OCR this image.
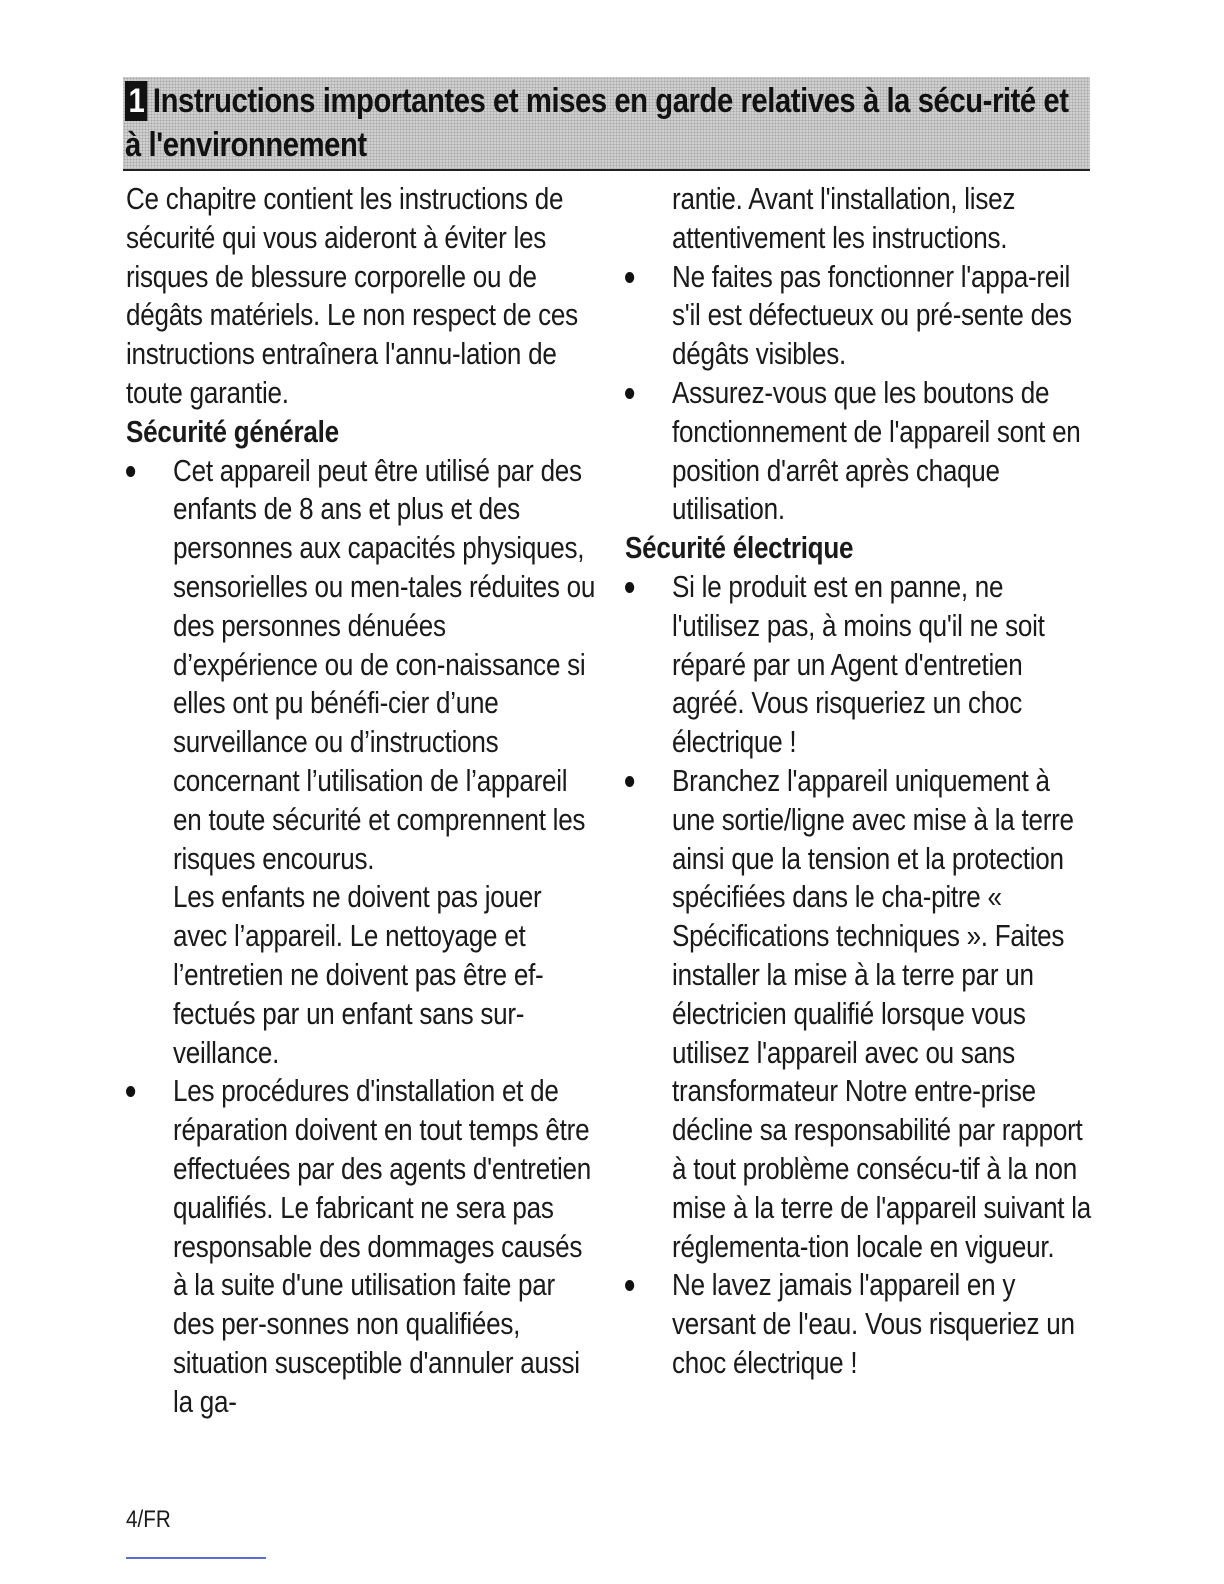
1 Instructions importantes et mises en garde relatives à la sécu-rité et à l'environnement

Ce chapitre contient les instructions de sécurité qui vous aideront à éviter les risques de blessure corporelle ou de dégâts matériels. Le non respect de ces instructions entraînera l'annu-lation de toute garantie.

Sécurité générale

Cet appareil peut être utilisé par des enfants de 8 ans et plus et des personnes aux capacités physiques, sensorielles ou men-tales réduites ou des personnes dénuées d’expérience ou de con-naissance si elles ont pu bénéfi-cier d’une surveillance ou d’instructions concernant l’utilisation de l’appareil en toute sécurité et comprennent les risques encourus.

Les enfants ne doivent pas jouer avec l’appareil. Le nettoyage et l’entretien ne doivent pas être ef-fectués par un enfant sans sur-veillance.

Les procédures d'installation et de réparation doivent en tout temps être effectuées par des agents d'entretien qualifiés. Le fabricant ne sera pas responsable des dommages causés à la suite d'une utilisation faite par des per-sonnes non qualifiées, situation susceptible d'annuler aussi la ga-

rantie. Avant l'installation, lisez attentivement les instructions.

Ne faites pas fonctionner l'appa-reil s'il est défectueux ou pré-sente des dégâts visibles.

Assurez-vous que les boutons de fonctionnement de l'appareil sont en position d'arrêt après chaque utilisation.

Sécurité électrique

Si le produit est en panne, ne l'utilisez pas, à moins qu'il ne soit réparé par un Agent d'entretien agréé. Vous risqueriez un choc électrique !

Branchez l'appareil uniquement à une sortie/ligne avec mise à la terre ainsi que la tension et la protection spécifiées dans le cha-pitre « Spécifications techniques ». Faites installer la mise à la terre par un électricien qualifié lorsque vous utilisez l'appareil avec ou sans transformateur Notre entre-prise décline sa responsabilité par rapport à tout problème consécu-tif à la non mise à la terre de l'appareil suivant la réglementa-tion locale en vigueur.

Ne lavez jamais l'appareil en y versant de l'eau. Vous risqueriez un choc électrique !

4/FR
